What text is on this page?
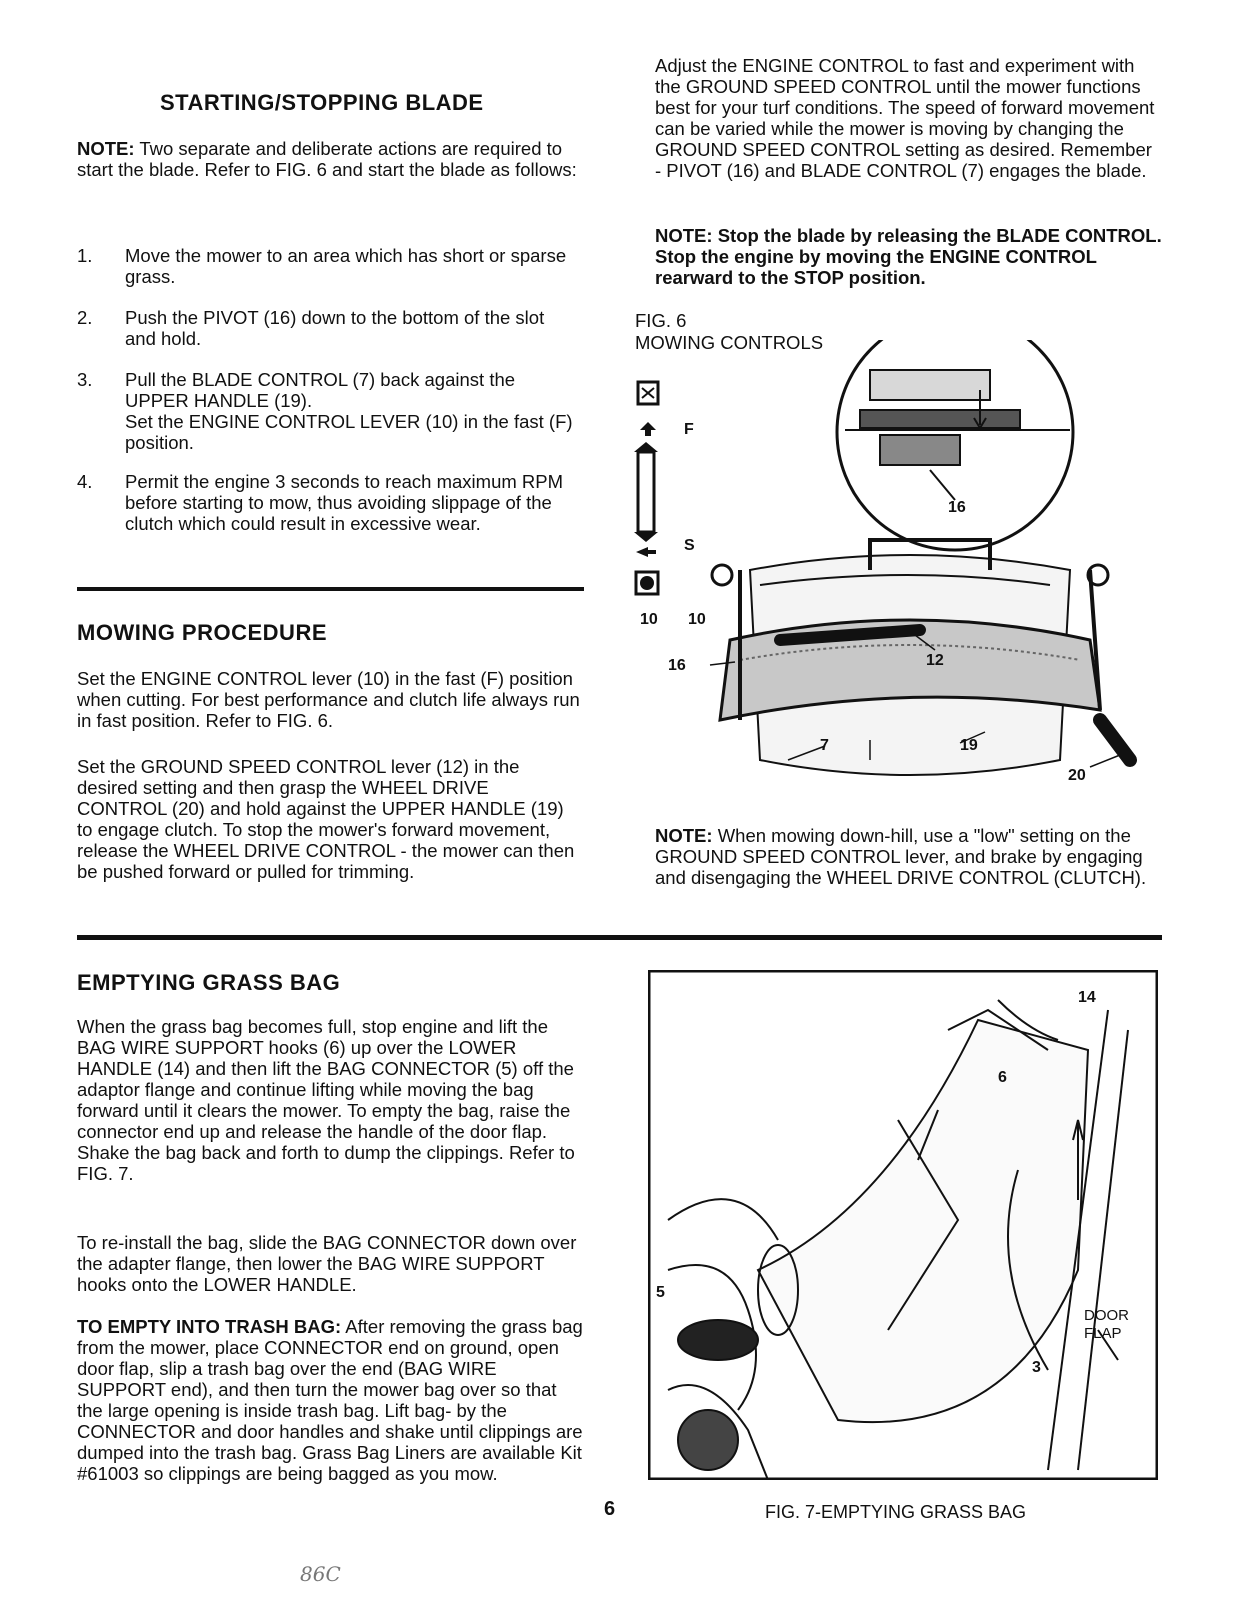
STARTING/STOPPING BLADE
NOTE: Two separate and deliberate actions are required to start the blade. Refer to FIG. 6 and start the blade as follows:
1. Move the mower to an area which has short or sparse grass.
2. Push the PIVOT (16) down to the bottom of the slot and hold.
3. Pull the BLADE CONTROL (7) back against the UPPER HANDLE (19).
Set the ENGINE CONTROL LEVER (10) in the fast (F) position.
4. Permit the engine 3 seconds to reach maximum RPM before starting to mow, thus avoiding slippage of the clutch which could result in excessive wear.
MOWING PROCEDURE
Set the ENGINE CONTROL lever (10) in the fast (F) position when cutting. For best performance and clutch life always run in fast position. Refer to FIG. 6.
Set the GROUND SPEED CONTROL lever (12) in the desired setting and then grasp the WHEEL DRIVE CONTROL (20) and hold against the UPPER HANDLE (19) to engage clutch. To stop the mower's forward movement, release the WHEEL DRIVE CONTROL - the mower can then be pushed forward or pulled for trimming.
EMPTYING GRASS BAG
When the grass bag becomes full, stop engine and lift the BAG WIRE SUPPORT hooks (6) up over the LOWER HANDLE (14) and then lift the BAG CONNECTOR (5) off the adaptor flange and continue lifting while moving the bag forward until it clears the mower. To empty the bag, raise the connector end up and release the handle of the door flap. Shake the bag back and forth to dump the clippings. Refer to FIG. 7.
To re-install the bag, slide the BAG CONNECTOR down over the adapter flange, then lower the BAG WIRE SUPPORT hooks onto the LOWER HANDLE.
TO EMPTY INTO TRASH BAG: After removing the grass bag from the mower, place CONNECTOR end on ground, open door flap, slip a trash bag over the end (BAG WIRE SUPPORT end), and then turn the mower bag over so that the large opening is inside trash bag. Lift bag- by the CONNECTOR and door handles and shake until clippings are dumped into the trash bag. Grass Bag Liners are available Kit #61003 so clippings are being bagged as you mow.
Adjust the ENGINE CONTROL to fast and experiment with the GROUND SPEED CONTROL until the mower functions best for your turf conditions. The speed of forward movement can be varied while the mower is moving by changing the GROUND SPEED CONTROL setting as desired. Remember - PIVOT (16) and BLADE CONTROL (7) engages the blade.
NOTE: Stop the blade by releasing the BLADE CONTROL. Stop the engine by moving the ENGINE CONTROL rearward to the STOP position.
FIG. 6
MOWING CONTROLS
F
S
10 10
16
16	12
7	19
20
NOTE: When mowing down-hill, use a "low" setting on the GROUND SPEED CONTROL lever, and brake by engaging and disengaging the WHEEL DRIVE CONTROL (CLUTCH).
14
6
5
3
DOOR
FLAP
FIG. 7-EMPTYING GRASS BAG
6
86C
